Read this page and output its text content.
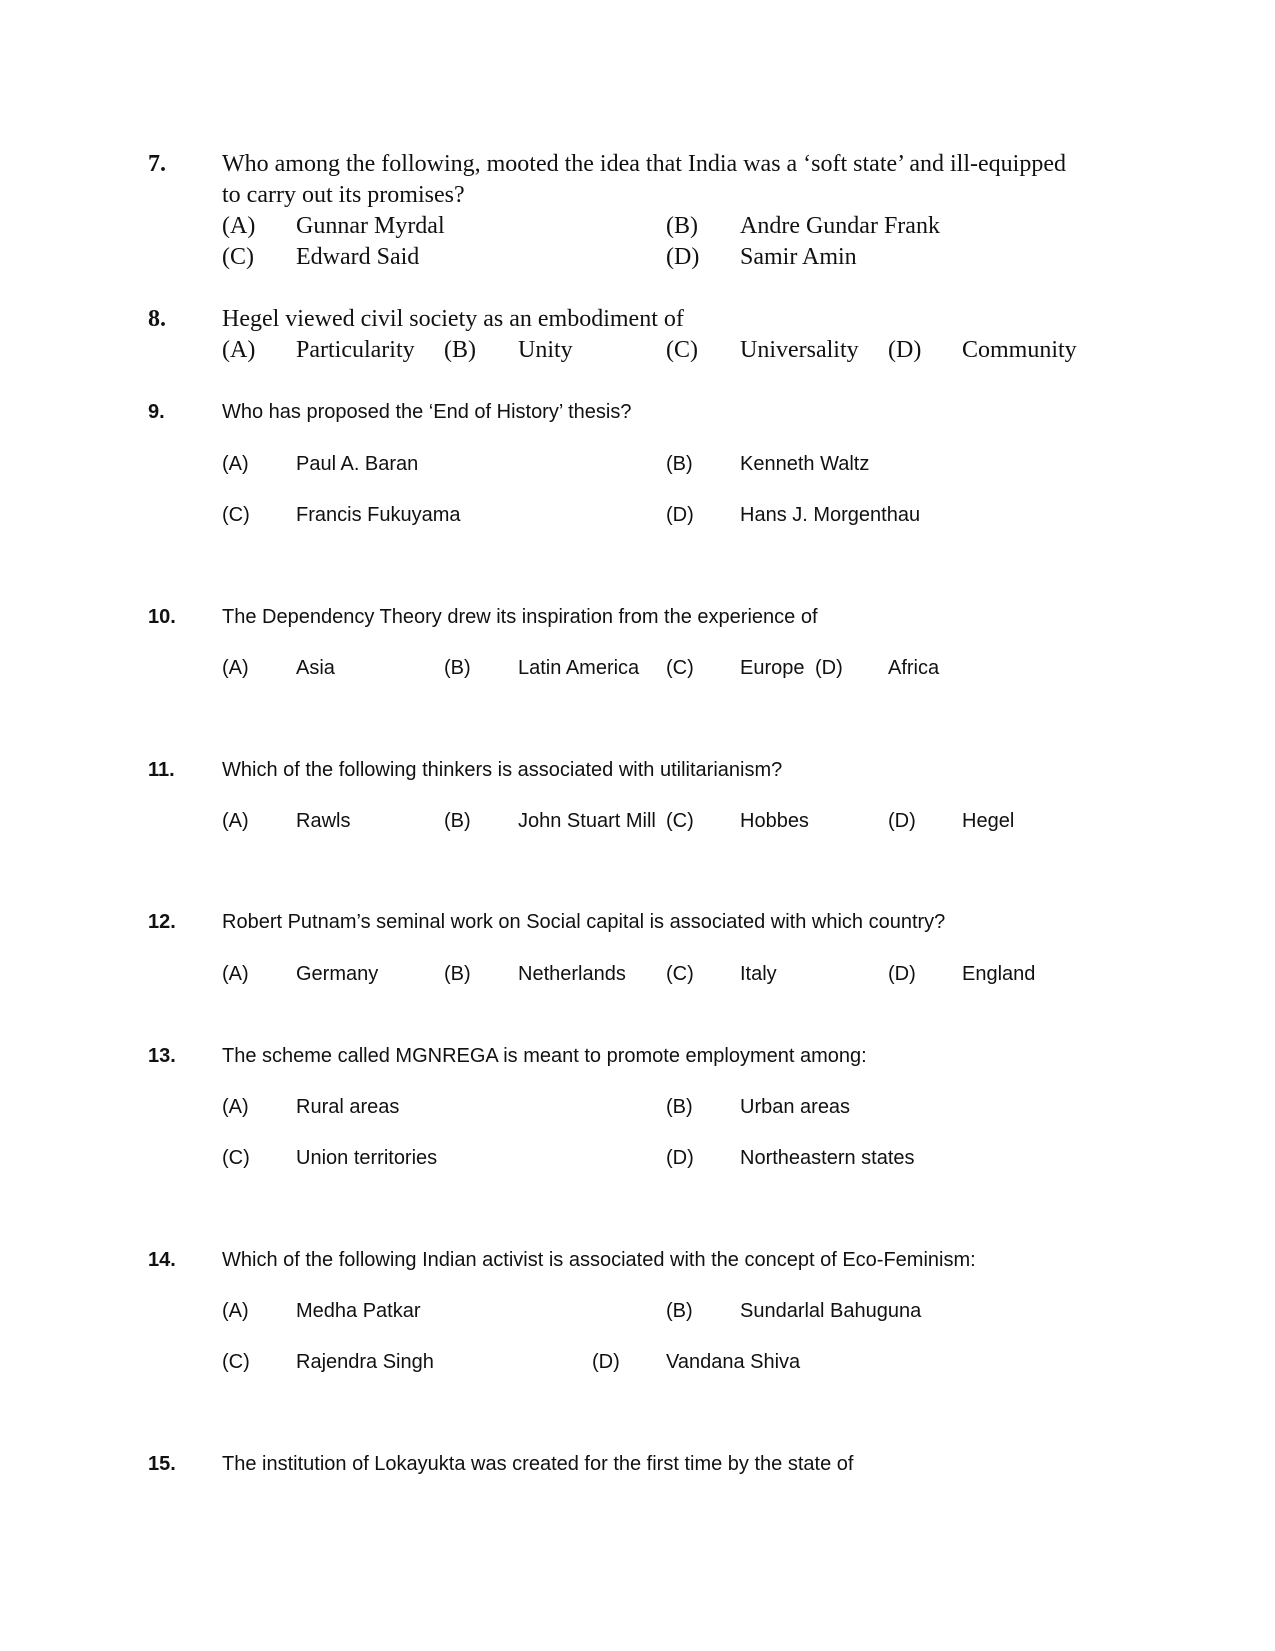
7. Who among the following, mooted the idea that India was a ‘soft state’ and ill-equipped
to carry out its promises?
(A) Gunnar Myrdal	(B) Andre Gundar Frank
(C) Edward Said	(D) Samir Amin
8. Hegel viewed civil society as an embodiment of
(A) Particularity (B) Unity	(C) Universality (D) Community
9.	Who has proposed the ‘End of History’ thesis?
(A) Paul A. Baran	(B) Kenneth Waltz
(C) Francis Fukuyama	(D) Hans J. Morgenthau
10. The Dependency Theory drew its inspiration from the experience of
(A) Asia	(B) Latin America (C) Europe (D) Africa
11. Which of the following thinkers is associated with utilitarianism?
(A) Rawls	(B) John Stuart Mill (C) Hobbes	(D) Hegel
12. Robert Putnam’s seminal work on Social capital is associated with which country?
(A) Germany	(B) Netherlands (C) Italy	(D) England
13. The scheme called MGNREGA is meant to promote employment among:
(A) Rural areas	(B) Urban areas
(C) Union territories	(D) Northeastern states
14. Which of the following Indian activist is associated with the concept of Eco-Feminism:
(A) Medha Patkar	(B) Sundarlal Bahuguna
(C) Rajendra Singh	(D) Vandana Shiva
15. The institution of Lokayukta was created for the first time by the state of
